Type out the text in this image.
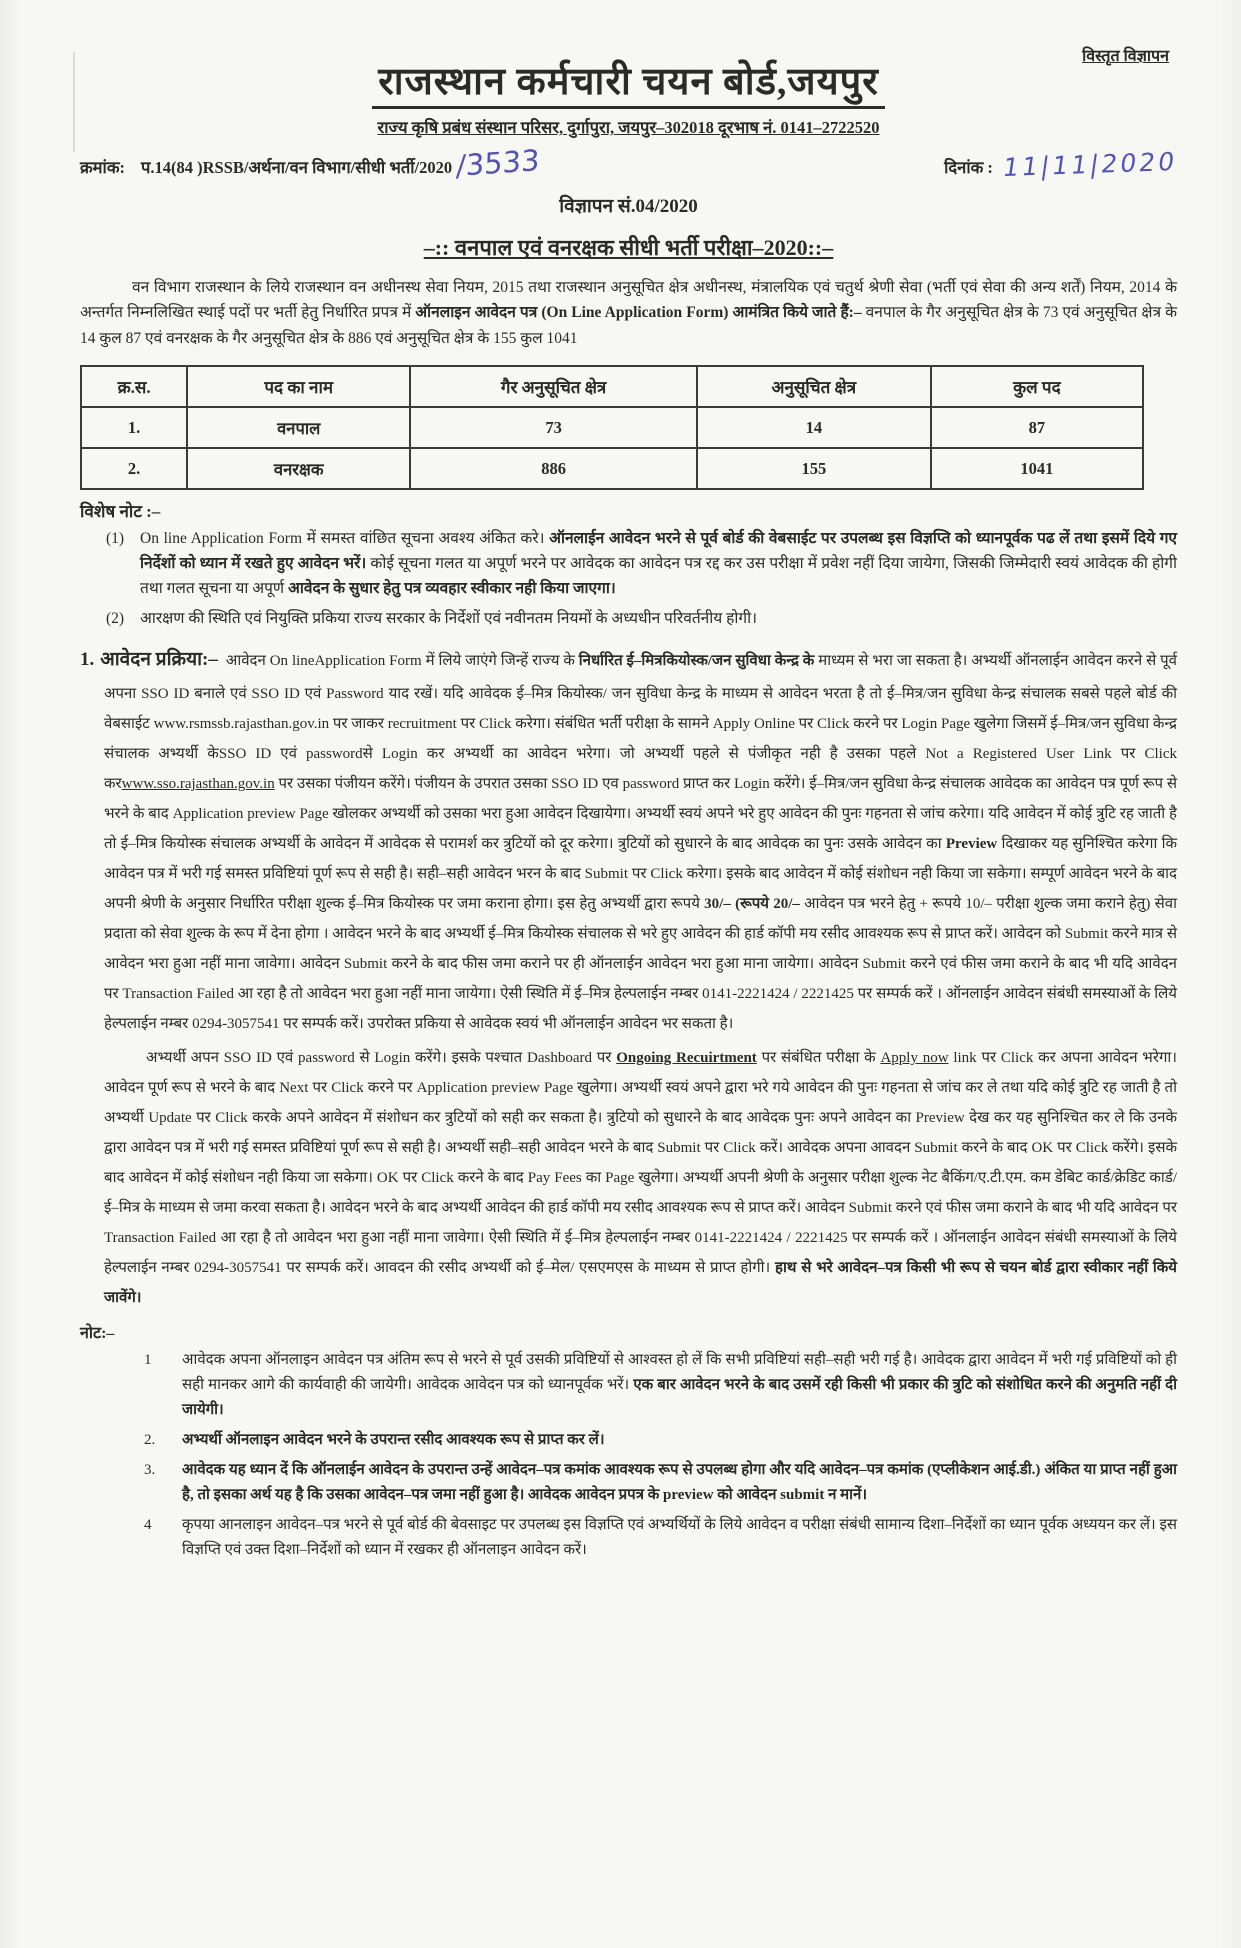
विस्तृत विज्ञापन
राजस्थान कर्मचारी चयन बोर्ड,जयपुर
राज्य कृषि प्रबंध संस्थान परिसर, दुर्गापुरा, जयपुर–302018 दूरभाष नं. 0141–2722520
क्रमांक: प.14(84 )RSSB/अर्थना/वन विभाग/सीधी भर्ती/2020 /3533	दिनांक : 11|11|2020
विज्ञापन सं.04/2020
–:: वनपाल एवं वनरक्षक सीधी भर्ती परीक्षा–2020::–

वन विभाग राजस्थान के लिये राजस्थान वन अधीनस्थ सेवा नियम, 2015 तथा राजस्थान अनुसूचित क्षेत्र अधीनस्थ, मंत्रालयिक एवं चतुर्थ श्रेणी सेवा (भर्ती एवं सेवा की अन्य शर्तें) नियम, 2014 के अन्तर्गत निम्नलिखित स्थाई पदों पर भर्ती हेतु निर्धारित प्रपत्र में ऑनलाइन आवेदन पत्र (On Line Application Form) आमंत्रित किये जाते हैं:– वनपाल के गैर अनुसूचित क्षेत्र के 73 एवं अनुसूचित क्षेत्र के 14 कुल 87 एवं वनरक्षक के गैर अनुसूचित क्षेत्र के 886 एवं अनुसूचित क्षेत्र के 155 कुल 1041

क्र.स.	पद का नाम	गैर अनुसूचित क्षेत्र	अनुसूचित क्षेत्र	कुल पद
1.	वनपाल	73	14	87
2.	वनरक्षक	886	155	1041
विशेष नोट :–
(1) On line Application Form में समस्त वांछित सूचना अवश्य अंकित करे। ऑनलाईन आवेदन भरने से पूर्व बोर्ड की वेबसाईट पर उपलब्ध इस विज्ञप्ति को ध्यानपूर्वक पढ लें तथा इसमें दिये गए निर्देशों को ध्यान में रखते हुए आवेदन भरें। कोई सूचना गलत या अपूर्ण भरने पर आवेदक का आवेदन पत्र रद्द कर उस परीक्षा में प्रवेश नहीं दिया जायेगा, जिसकी जिम्मेदारी स्वयं आवेदक की होगी तथा गलत सूचना या अपूर्ण आवेदन के सुधार हेतु पत्र व्यवहार स्वीकार नही किया जाएगा।
(2) आरक्षण की स्थिति एवं नियुक्ति प्रकिया राज्य सरकार के निर्देशों एवं नवीनतम नियमों के अध्यधीन परिवर्तनीय होगी।

1. आवेदन प्रक्रिया:– आवेदन On lineApplication Form में लिये जाएंगे जिन्हें राज्य के निर्धारित ई–मित्रकियोस्क/जन सुविधा केन्द्र के माध्यम से भरा जा सकता है। अभ्यर्थी ऑनलाईन आवेदन करने से पूर्व अपना SSO ID बनाले एवं SSO ID एवं Password याद रखें। यदि आवेदक ई–मित्र कियोस्क/ जन सुविधा केन्द्र के माध्यम से आवेदन भरता है तो ई–मित्र/जन सुविधा केन्द्र संचालक सबसे पहले बोर्ड की वेबसाईट www.rsmssb.rajasthan.gov.in पर जाकर recruitment पर Click करेगा। संबंधित भर्ती परीक्षा के सामने Apply Online पर Click करने पर Login Page खुलेगा जिसमें ई–मित्र/जन सुविधा केन्द्र संचालक अभ्यर्थी केSSO ID एवं passwordसे Login कर अभ्यर्थी का आवेदन भरेगा। जो अभ्यर्थी पहले से पंजीकृत नही है उसका पहले Not a Registered User Link पर Click करwww.sso.rajasthan.gov.in पर उसका पंजीयन करेंगे। पंजीयन के उपरात उसका SSO ID एव password प्राप्त कर Login करेंगे। ई–मित्र/जन सुविधा केन्द्र संचालक आवेदक का आवेदन पत्र पूर्ण रूप से भरने के बाद Application preview Page खोलकर अभ्यर्थी को उसका भरा हुआ आवेदन दिखायेगा। अभ्यर्थी स्वयं अपने भरे हुए आवेदन की पुनः गहनता से जांच करेगा। यदि आवेदन में कोई त्रुटि रह जाती है तो ई–मित्र कियोस्क संचालक अभ्यर्थी के आवेदन में आवेदक से परामर्श कर त्रुटियों को दूर करेगा। त्रुटियों को सुधारने के बाद आवेदक का पुनः उसके आवेदन का Preview दिखाकर यह सुनिश्चित करेगा कि आवेदन पत्र में भरी गई समस्त प्रविष्टियां पूर्ण रूप से सही है। सही–सही आवेदन भरन के बाद Submit पर Click करेगा। इसके बाद आवेदन में कोई संशोधन नही किया जा सकेगा। सम्पूर्ण आवेदन भरने के बाद अपनी श्रेणी के अनुसार निर्धारित परीक्षा शुल्क ई–मित्र कियोस्क पर जमा कराना होगा। इस हेतु अभ्यर्थी द्वारा रूपये 30/– (रूपये 20/– आवेदन पत्र भरने हेतु + रूपये 10/– परीक्षा शुल्क जमा कराने हेतु) सेवा प्रदाता को सेवा शुल्क के रूप में देना होगा । आवेदन भरने के बाद अभ्यर्थी ई–मित्र कियोस्क संचालक से भरे हुए आवेदन की हार्ड कॉपी मय रसीद आवश्यक रूप से प्राप्त करें। आवेदन को Submit करने मात्र से आवेदन भरा हुआ नहीं माना जावेगा। आवेदन Submit करने के बाद फीस जमा कराने पर ही ऑनलाईन आवेदन भरा हुआ माना जायेगा। आवेदन Submit करने एवं फीस जमा कराने के बाद भी यदि आवेदन पर Transaction Failed आ रहा है तो आवेदन भरा हुआ नहीं माना जायेगा। ऐसी स्थिति में ई–मित्र हेल्पलाईन नम्बर 0141-2221424 / 2221425 पर सम्पर्क करें । ऑनलाईन आवेदन संबंधी समस्याओं के लिये हेल्पलाईन नम्बर 0294-3057541 पर सम्पर्क करें। उपरोक्त प्रकिया से आवेदक स्वयं भी ऑनलाईन आवेदन भर सकता है।

अभ्यर्थी अपन SSO ID एवं password से Login करेंगे। इसके पश्चात Dashboard पर Ongoing Recuirtment पर संबंधित परीक्षा के Apply now link पर Click कर अपना आवेदन भरेगा। आवेदन पूर्ण रूप से भरने के बाद Next पर Click करने पर Application preview Page खुलेगा। अभ्यर्थी स्वयं अपने द्वारा भरे गये आवेदन की पुनः गहनता से जांच कर ले तथा यदि कोई त्रुटि रह जाती है तो अभ्यर्थी Update पर Click करके अपने आवेदन में संशोधन कर त्रुटियों को सही कर सकता है। त्रुटियो को सुधारने के बाद आवेदक पुनः अपने आवेदन का Preview देख कर यह सुनिश्चित कर ले कि उनके द्वारा आवेदन पत्र में भरी गई समस्त प्रविष्टियां पूर्ण रूप से सही है। अभ्यर्थी सही–सही आवेदन भरने के बाद Submit पर Click करें। आवेदक अपना आवदन Submit करने के बाद OK पर Click करेंगे। इसके बाद आवेदन में कोई संशोधन नही किया जा सकेगा। OK पर Click करने के बाद Pay Fees का Page खुलेगा। अभ्यर्थी अपनी श्रेणी के अनुसार परीक्षा शुल्क नेट बैकिंग/ए.टी.एम. कम डेबिट कार्ड/क्रेडिट कार्ड/ई–मित्र के माध्यम से जमा करवा सकता है। आवेदन भरने के बाद अभ्यर्थी आवेदन की हार्ड कॉपी मय रसीद आवश्यक रूप से प्राप्त करें। आवेदन Submit करने एवं फीस जमा कराने के बाद भी यदि आवेदन पर Transaction Failed आ रहा है तो आवेदन भरा हुआ नहीं माना जावेगा। ऐसी स्थिति में ई–मित्र हेल्पलाईन नम्बर 0141-2221424 / 2221425 पर सम्पर्क करें । ऑनलाईन आवेदन संबंधी समस्याओं के लिये हेल्पलाईन नम्बर 0294-3057541 पर सम्पर्क करें। आवदन की रसीद अभ्यर्थी को ई–मेल/ एसएमएस के माध्यम से प्राप्त होगी। हाथ से भरे आवेदन–पत्र किसी भी रूप से चयन बोर्ड द्वारा स्वीकार नहीं किये जावेंगे।

नोट:–
1 आवेदक अपना ऑनलाइन आवेदन पत्र अंतिम रूप से भरने से पूर्व उसकी प्रविष्टियों से आश्वस्त हो लें कि सभी प्रविष्टियां सही–सही भरी गई है। आवेदक द्वारा आवेदन में भरी गई प्रविष्टियों को ही सही मानकर आगे की कार्यवाही की जायेगी। आवेदक आवेदन पत्र को ध्यानपूर्वक भरें। एक बार आवेदन भरने के बाद उसमें रही किसी भी प्रकार की त्रुटि को संशोधित करने की अनुमति नहीं दी जायेगी।
2. अभ्यर्थी ऑनलाइन आवेदन भरने के उपरान्त रसीद आवश्यक रूप से प्राप्त कर लें।
3. आवेदक यह ध्यान दें कि ऑनलाईन आवेदन के उपरान्त उन्हें आवेदन–पत्र कमांक आवश्यक रूप से उपलब्ध होगा और यदि आवेदन–पत्र कमांक (एप्लीकेशन आई.डी.) अंकित या प्राप्त नहीं हुआ है, तो इसका अर्थ यह है कि उसका आवेदन–पत्र जमा नहीं हुआ है। आवेदक आवेदन प्रपत्र के preview को आवेदन submit न मानें।
4 कृपया आनलाइन आवेदन–पत्र भरने से पूर्व बोर्ड की बेवसाइट पर उपलब्ध इस विज्ञप्ति एवं अभ्यर्थियों के लिये आवेदन व परीक्षा संबंधी सामान्य दिशा–निर्देशों का ध्यान पूर्वक अध्ययन कर लें। इस विज्ञप्ति एवं उक्त दिशा–निर्देशों को ध्यान में रखकर ही ऑनलाइन आवेदन करें।
